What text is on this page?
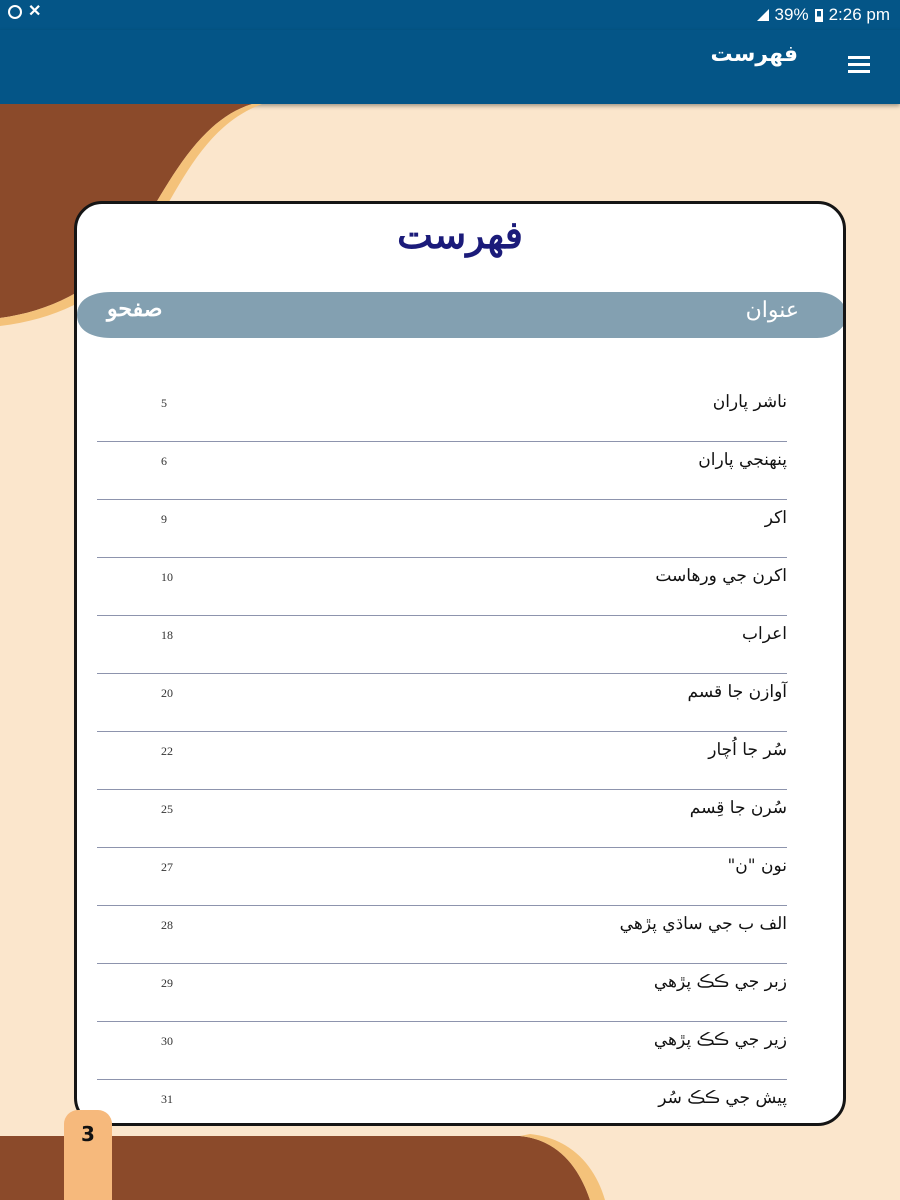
✕	39% 2:26 pm
فهرست
فهرست
عنوان
صفحو
ناشر پاران
5
پنهنجي پاران
6
اکر
9
اکرن جي ورهاست
10
اعراب
18
آوازن جا قسم
20
سُر جا اُچار
22
سُرن جا قِسم
25
نون "ن"
27
الف ب جي ساڌي پڙهي
28
زبر جي ڪڪ پڙهي
29
زير جي ڪڪ پڙهي
30
پيش جي ڪڪ سُر
31
3
